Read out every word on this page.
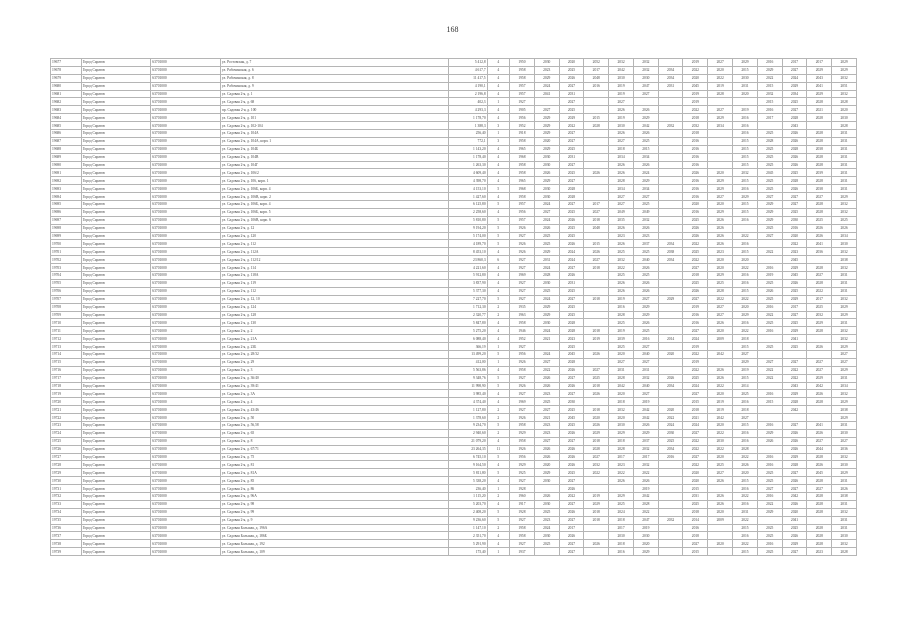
168
19677	Город Саратов	63701000	ул. Ростовская, д. 7	5 412,8	4	1950	2030	2020	2052	2032	2032		2019	2027	2029	2016	2017	2017	2029
19678	Город Саратов	63701000	ул. Рабочинская, д. 6	4 617,7	4	1958	2023	2025	2017	2042	2032	2034	2022	2020	2015	2029	2027	2029	2029
19679	Город Саратов	63701000	ул. Рабочинская, д. 8	11 417,5	4	1958	2029	2026	2048	2030	2030	2034	2020	2022	2030	2022	2024	2043	2032
19680	Город Саратов	63701000	ул. Рабочинская, д. 9	4 190,1	4	1957	2024	2027	2016	2019	2047	2031	2045	2019	2031	2015	2029	2041	2051
19681	Город Саратов	63701000	ул. Садовая 2-я, д. 1	2 196,8	4	1957	2041	2031		2019	2027		2019	2028	2020	2032	2034	2029	2032
19682	Город Саратов	63701000	ул. Садовая 2-я, д. 68	402,3	1	1927		2027		2027			2019			2015	2025	2028	2028
19683	Город Саратов	63701000	пр. Садовая 2-я, д. 100	4 293,3	4	1905	2027	2025		2026	2026		2022	2027	2019	2016	2027	2021	2020
19684	Город Саратов	63701000	ул. Садовая 2-я, д. 101	1 178,70	4	1956	2029	2029	2015	2019	2029		2018	2029	2016	2017	2028	2028	2030
19685	Город Саратов	63701000	ул. Садовая 2-я, д. 102-104	1 388,3	3	1952	2029	2022	2028	2030	2042	2032	2032	2034	2016		2043		2028
19686	Город Саратов	63701000	ул. Садовая 2-я, д. 104А	256,40	1	1918	2029	2027		2026	2026		2018		2016	2025	2026	2028	2031
19687	Город Саратов	63701000	ул. Садовая 2-я, д. 104А, корп. 1	772,1	3	1958	2020	2027		2027	2025		2016		2015	2028	2026	2028	2031
19688	Город Саратов	63701000	ул. Садовая 2-я, д. 104Б	1 143,20	4	1965	2029	2025		2018	2015		2016		2015	2025	2028	2038	2031
19689	Город Саратов	63701000	ул. Садовая 2-я, д. 104В	1 178,40	4	1968	2030	2031		2034	2034		2016		2015	2025	2026	2028	2031
19690	Город Саратов	63701000	ул. Садовая 2-я, д. 104Г	1 263,30	4	1958	2030	2027		2026	2026		2016		2015	2025	2026	2028	2031
19691	Город Саратов	63701000	ул. Садовая 2-я, д. 106/2	4 609,40	4	1958	2026	2025	2026	2026	2024		2026	2020	2032	2045	2025	2039	2031
19692	Город Саратов	63701000	ул. Садовая 2-я, д. 106, корп. 1	4 398,70	4	1965	2029	2027		2028	2029		2016	2029	2015	2025	2028	2028	2031
19693	Город Саратов	63701000	ул. Садовая 2-я, д. 106Б, корп. 4	4 153,10	5	1968	2030	2028		2034	2034		2016	2029	2016	2025	2026	2038	2031
19694	Город Саратов	63701000	ул. Садовая 2-я, д. 106В, корп. 2	1 427,60	4	1958	2030	2028		2027	2027		2016	2027	2029	2027	2027	2027	2029
19695	Город Саратов	63701000	ул. Садовая 2-я, д. 106Б, корп. 4	6 125,80	5	1957	2024	2027	2017	2027	2025		2020	2020	2015	2029	2027	2028	2032
19696	Город Саратов	63701000	ул. Садовая 2-я, д. 106Б, корп. 5	2 258,60	4	1956	2027	2025	2027	2049	2049		2016	2029	2015	2029	2025	2028	2032
19697	Город Саратов	63701000	ул. Садовая 2-я, д. 106В, корп. 6	5 810,80	5	1957	2024	2026	2018	2035	2032		2025	2026	2016	2029	2030	2025	2025
19698	Город Саратов	63701000	ул. Садовая 2-я, д. 12	9 194,20	5	1926	2026	2025	2048	2026	2026		2026	2026		2025	2016	2026	2026
19699	Город Саратов	63701000	ул. Садовая 2-я, д. 120	5 174,00	5	1927	2025	2025		2023	2023		2026	2026	2022	2027	2020	2026	2034
19700	Город Саратов	63701000	ул. Садовая 2-я, д. 112	4 189,70	5	1926	2025	2026	2015	2026	2037	2034	2022	2026	2016		2022	2041	2030
19701	Город Саратов	63701000	ул. Садовая 2-я, д. 112А	8 453,10	4	1926	2029	2024	2026	2025	2025	2038	2025	2023	2015	2022	2023	2036	2032
19702	Город Саратов	63701000	ул. Садовая 2-я, д. 112/12	23 860,3	6	1927	2031	2024	2027	2032	2040	2034	2022	2020	2020		2045		2038
19703	Город Саратов	63701000	ул. Садовая 2-я, д. 114	4 221,60	4	1927	2024	2027	2018	2022	2026		2027	2020	2022	2016	2029	2028	2032
19704	Город Саратов	63701000	ул. Садовая 2-я, д. 118А	5 912,80	4	1969	2028	2026		2025	2025		2018	2029	2016	2019	2045	2027	2031
19705	Город Саратов	63701000	ул. Садовая 2-я, д. 119	3 837,90	4	1927	2030	2031		2026	2026		2025	2025	2016	2025	2026	2028	2031
19706	Город Саратов	63701000	ул. Садовая 2-я, д. 112	5 377,30	4	1927	2025	2025		2026	2026		2026	2028	2015	2026	2025	2022	2031
19707	Город Саратов	63701000	ул. Садовая 2-я, д. 12, 10	7 227,70	5	1927	2024	2027	2018	2019	2027	2029	2027	2022	2022	2025	2029	2017	2032
19708	Город Саратов	63701000	ул. Садовая 2-я, д. 124	1 712,30	2	1935	2029	2025		2016	2029		2019	2027	2020	2016	2017	2025	2029
19709	Город Саратов	63701000	ул. Садовая 2-я, д. 128	2 320,77	2	1963	2029	2025		2028	2029		2016	2027	2029	2022	2027	2032	2029
19710	Город Саратов	63701000	ул. Садовая 2-я, д. 130	5 847,80	4	1958	2030	2028		2025	2026		2016	2026	2016	2025	2025	2029	2031
19711	Город Саратов	63701000	ул. Садовая 2-я, д. 2	5 275,20	4	1946	2024	2028	2018	2019	2025		2027	2020	2022	2016	2029	2028	2032
19712	Город Саратов	63701000	ул. Садовая 2-я, д. 21А	6 088,40	4	1952	2021	2023	2019	2039	2016	2014	2024	2009	2018		2041		2032
19713	Город Саратов	63701000	ул. Садовая 2-я, д. 23Б	366,19	1	1927		2025		2025	2027		2019		2015	2025	2025	2026	2029
19714	Город Саратов	63701000	ул. Садовая 2-я, д. 28/32	13 499,20	5	1956	2024	2045	2026	2020	2040	2020	2022	2042	2027				2027
19715	Город Саратов	63701000	ул. Садовая 2-я, д. 29	412,00	1	1926	2027	2028		2027	2027		2019		2029	2027	2027	2027	2027
19716	Город Саратов	63701000	ул. Садовая 2-я, д. 3	5 563,86	4	1958	2022	2026	2027	2031	2031		2022	2026	2019	2022	2022	2027	2029
19717	Город Саратов	63701000	ул. Садовая 2-я, д. 36/40	9 348,76	5	1927	2026	2027	2025	2028	2032	2026	2025	2026	2015	2022	2022	2029	2031
19718	Город Саратов	63701000	ул. Садовая 2-я, д. 39/41	11 998,90	5	1926	2026	2026	2018	2042	2040	2034	2024	2022	2014		2043	2042	2034
19719	Город Саратов	63701000	ул. Садовая 2-я, д. 3А	3 985,40	4	1927	2023	2027	2026	2020	2027		2027	2020	2025	2016	2029	2026	2032
19720	Город Саратов	63701000	ул. Садовая 2-я, д. 4	4 374,40	4	1969	2025	2030		2018	2019		2015	2019	2016	2015	2028	2028	2029
19721	Город Саратов	63701000	ул. Садовая 2-я, д. 43/46	1 127,80	2	1927	2027	2025	2018	2032	2042	2020	2018	2019	2018		2042		2038
19722	Город Саратов	63701000	ул. Садовая 2-я, д. 50	1 378,60	2	1926	2021	2045	2020	2020	2042	2022	2021	2042	2027				2029
19723	Город Саратов	63701000	ул. Садовая 2-я, д. 56,58	9 234,70	5	1958	2023	2025	2026	2030	2026	2024	2024	2020	2015	2016	2027	2041	2031
19724	Город Саратов	63701000	ул. Садовая 2-я, д. 65	2 940,60	2	1929	2023	2026	2029	2029	2029	2030	2027	2022	2016	2029	2026	2026	2030
19725	Город Саратов	63701000	ул. Садовая 2-я, д. 8	21 079,20	4	1958	2027	2027	2018	2018	2037	2025	2022	2030	2016	2026	2026	2027	2027
19726	Город Саратов	63701000	ул. Садовая 2-я, д. 67/71	23 264,35	11	1926	2026	2026	2028	2028	2032	2034	2022	2022	2028		2026	2044	2036
19727	Город Саратов	63701000	ул. Садовая 2-я, д. 75	6 745,10	5	1956	2026	2026	2027	2017	2017	2016	2027	2020	2022	2016	2029	2028	2032
19728	Город Саратов	63701000	ул. Садовая 2-я, д. 81	9 164,50	4	1929	2020	2026	2032	2023	2032		2022	2025	2026	2016	2028	2026	2030
19729	Город Саратов	63701000	ул. Садовая 2-я, д. 81А	5 811,80	5	1925	2029	2025	2022	2022	2022		2020	2027	2020	2025	2027	2045	2029
19730	Город Саратов	63701000	ул. Садовая 2-я, д. 85	5 338,20	4	1927	2030	2027		2026	2026		2020	2026	2015	2025	2026	2028	2031
19731	Город Саратов	63701000	ул. Садовая 2-я, д. 86	236,40	1	1928		2026			2019		2015		2016	2027	2027	2027	2026
19732	Город Саратов	63701000	ул. Садовая 2-я, д. 96А	1 115,20	2	1960	2026	2022	2019	2029	2042		2031	2026	2022	2016	2042	2028	2038
19733	Город Саратов	63701000	ул. Садовая 2-я, д. 98	5 203,70	4	1917	2030	2027	2029	2025	2028		2025	2026	2016	2022	2026	2028	2031
19734	Город Саратов	63701000	ул. Садовая 2-я, д. 99	2 408,20	5	1928	2025	2026	2018	2024	2022		2018	2020	2031	2029	2020	2028	2032
19735	Город Саратов	63701000	ул. Садовая 2-я, д. 9	9 236,60	5	1927	2023	2027	2018	2018	2047	2032	2014	2009	2022		2041		2031
19736	Город Саратов	63701000	ул. Садовая Большая, д. 196А	1 147,10	2	1958	2024	2017		2017	2019		2016		2015	2025	2025	2028	2031
19737	Город Саратов	63701000	ул. Садовая Большая, д. 186Б	2 351,70	4	1958	2030	2026		2030	2030		2018		2016	2025	2026	2028	2030
19738	Город Саратов	63701000	ул. Садовая Большая, д. 192	5 291,90	4	1927	2025	2027	2026	2018	2020		2027	2020	2022	2016	2029	2028	2032
19739	Город Саратов	63701000	ул. Садовая Большая, д. 109	175,40	1	1937		2027		2016	2029		2015		2015	2025	2027	2023	2028
